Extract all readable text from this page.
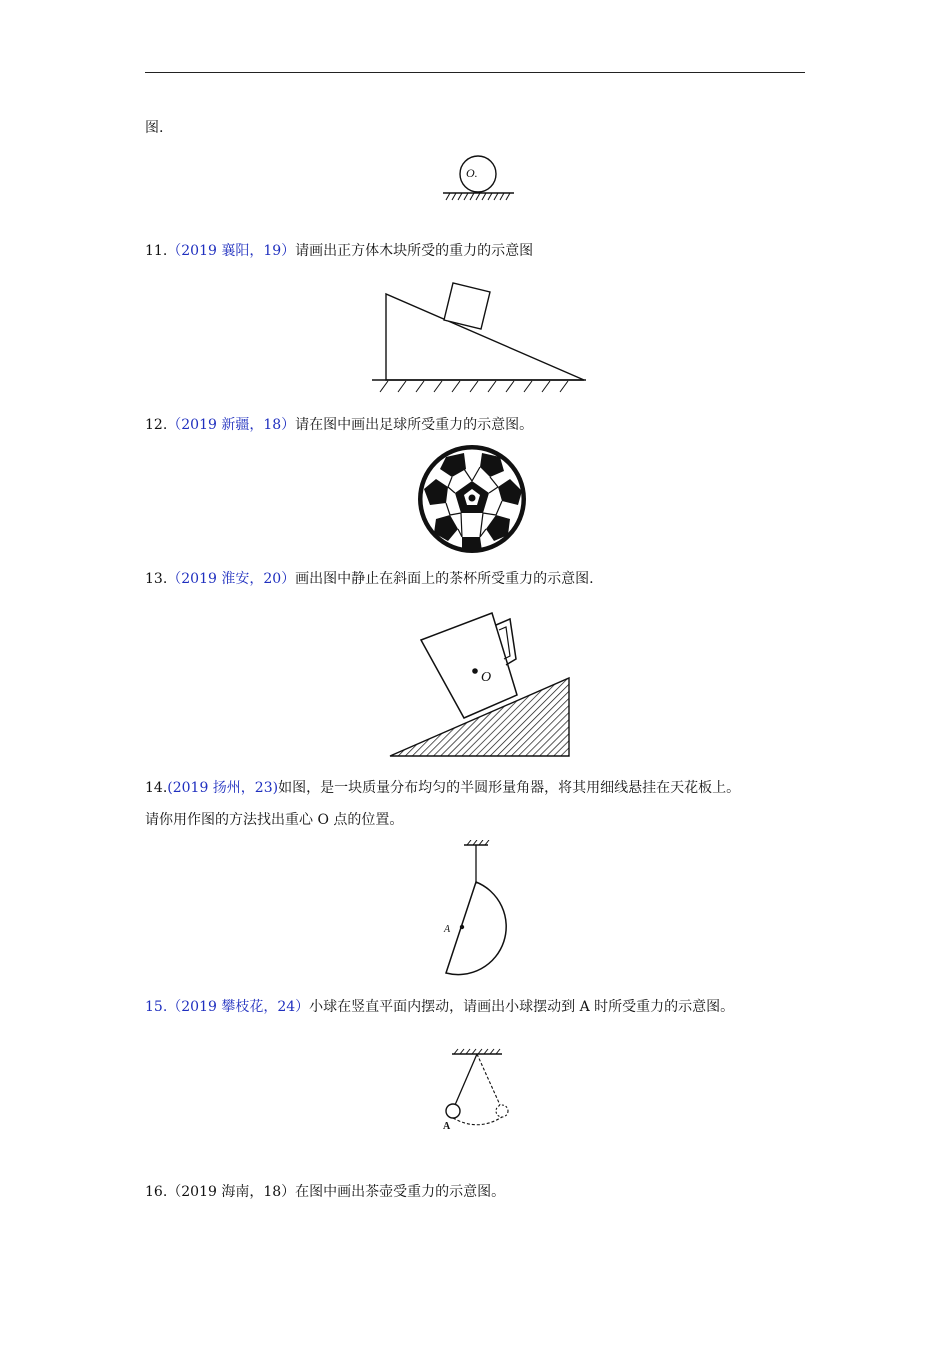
图.
O.
11.（2019 襄阳，19）请画出正方体木块所受的重力的示意图
12.（2019 新疆，18）请在图中画出足球所受重力的示意图。
13.（2019 淮安，20）画出图中静止在斜面上的茶杯所受重力的示意图.
O
14.(2019 扬州，23)如图，是一块质量分布均匀的半圆形量角器，将其用细线悬挂在天花板上。
请你用作图的方法找出重心 O 点的位置。
A
15.（2019 攀枝花，24）小球在竖直平面内摆动，请画出小球摆动到 A 时所受重力的示意图。
A
16.（2019 海南，18）在图中画出茶壶受重力的示意图。
